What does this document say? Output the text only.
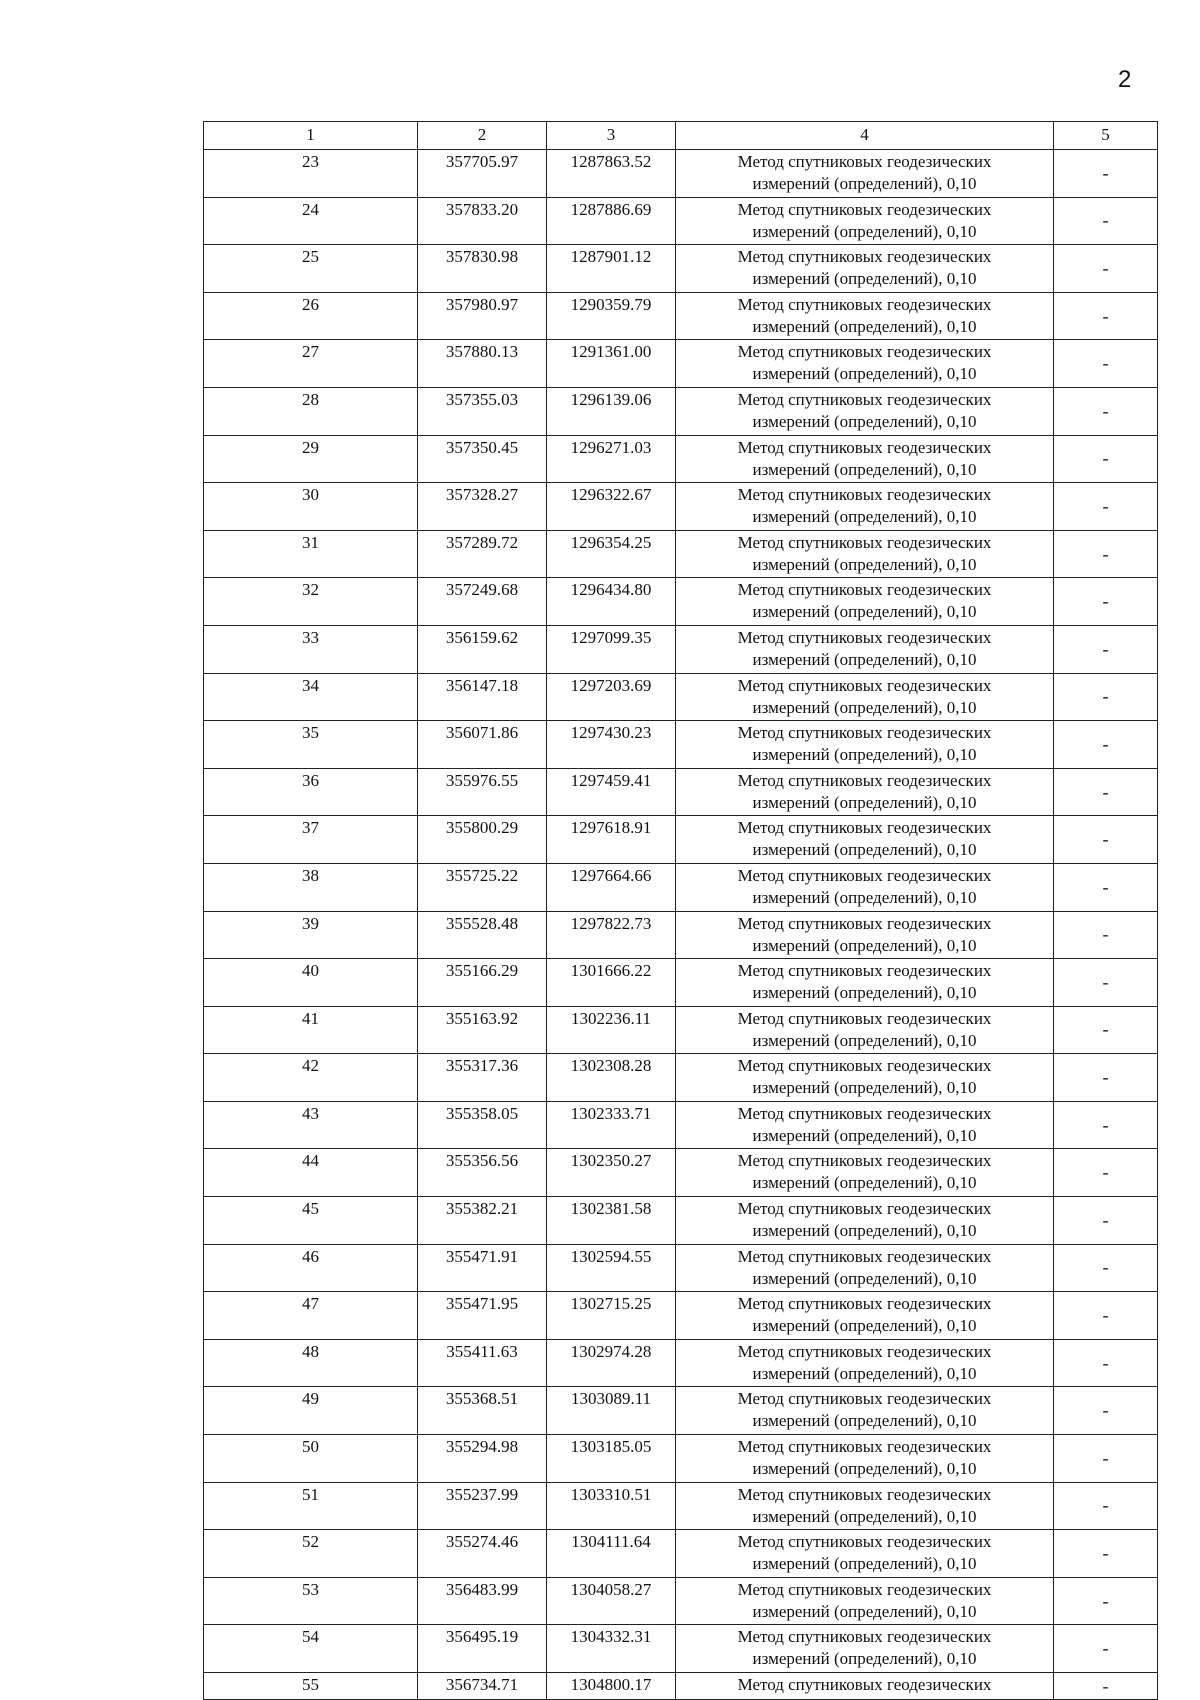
2
1	2	3	4	5
23	357705.97	1287863.52	Метод спутниковых геодезических
измерений (определений), 0,10	-
24	357833.20	1287886.69	Метод спутниковых геодезических
измерений (определений), 0,10	-
25	357830.98	1287901.12	Метод спутниковых геодезических
измерений (определений), 0,10	-
26	357980.97	1290359.79	Метод спутниковых геодезических
измерений (определений), 0,10	-
27	357880.13	1291361.00	Метод спутниковых геодезических
измерений (определений), 0,10	-
28	357355.03	1296139.06	Метод спутниковых геодезических
измерений (определений), 0,10	-
29	357350.45	1296271.03	Метод спутниковых геодезических
измерений (определений), 0,10	-
30	357328.27	1296322.67	Метод спутниковых геодезических
измерений (определений), 0,10	-
31	357289.72	1296354.25	Метод спутниковых геодезических
измерений (определений), 0,10	-
32	357249.68	1296434.80	Метод спутниковых геодезических
измерений (определений), 0,10	-
33	356159.62	1297099.35	Метод спутниковых геодезических
измерений (определений), 0,10	-
34	356147.18	1297203.69	Метод спутниковых геодезических
измерений (определений), 0,10	-
35	356071.86	1297430.23	Метод спутниковых геодезических
измерений (определений), 0,10	-
36	355976.55	1297459.41	Метод спутниковых геодезических
измерений (определений), 0,10	-
37	355800.29	1297618.91	Метод спутниковых геодезических
измерений (определений), 0,10	-
38	355725.22	1297664.66	Метод спутниковых геодезических
измерений (определений), 0,10	-
39	355528.48	1297822.73	Метод спутниковых геодезических
измерений (определений), 0,10	-
40	355166.29	1301666.22	Метод спутниковых геодезических
измерений (определений), 0,10	-
41	355163.92	1302236.11	Метод спутниковых геодезических
измерений (определений), 0,10	-
42	355317.36	1302308.28	Метод спутниковых геодезических
измерений (определений), 0,10	-
43	355358.05	1302333.71	Метод спутниковых геодезических
измерений (определений), 0,10	-
44	355356.56	1302350.27	Метод спутниковых геодезических
измерений (определений), 0,10	-
45	355382.21	1302381.58	Метод спутниковых геодезических
измерений (определений), 0,10	-
46	355471.91	1302594.55	Метод спутниковых геодезических
измерений (определений), 0,10	-
47	355471.95	1302715.25	Метод спутниковых геодезических
измерений (определений), 0,10	-
48	355411.63	1302974.28	Метод спутниковых геодезических
измерений (определений), 0,10	-
49	355368.51	1303089.11	Метод спутниковых геодезических
измерений (определений), 0,10	-
50	355294.98	1303185.05	Метод спутниковых геодезических
измерений (определений), 0,10	-
51	355237.99	1303310.51	Метод спутниковых геодезических
измерений (определений), 0,10	-
52	355274.46	1304111.64	Метод спутниковых геодезических
измерений (определений), 0,10	-
53	356483.99	1304058.27	Метод спутниковых геодезических
измерений (определений), 0,10	-
54	356495.19	1304332.31	Метод спутниковых геодезических
измерений (определений), 0,10	-
55	356734.71	1304800.17	Метод спутниковых геодезических	-
